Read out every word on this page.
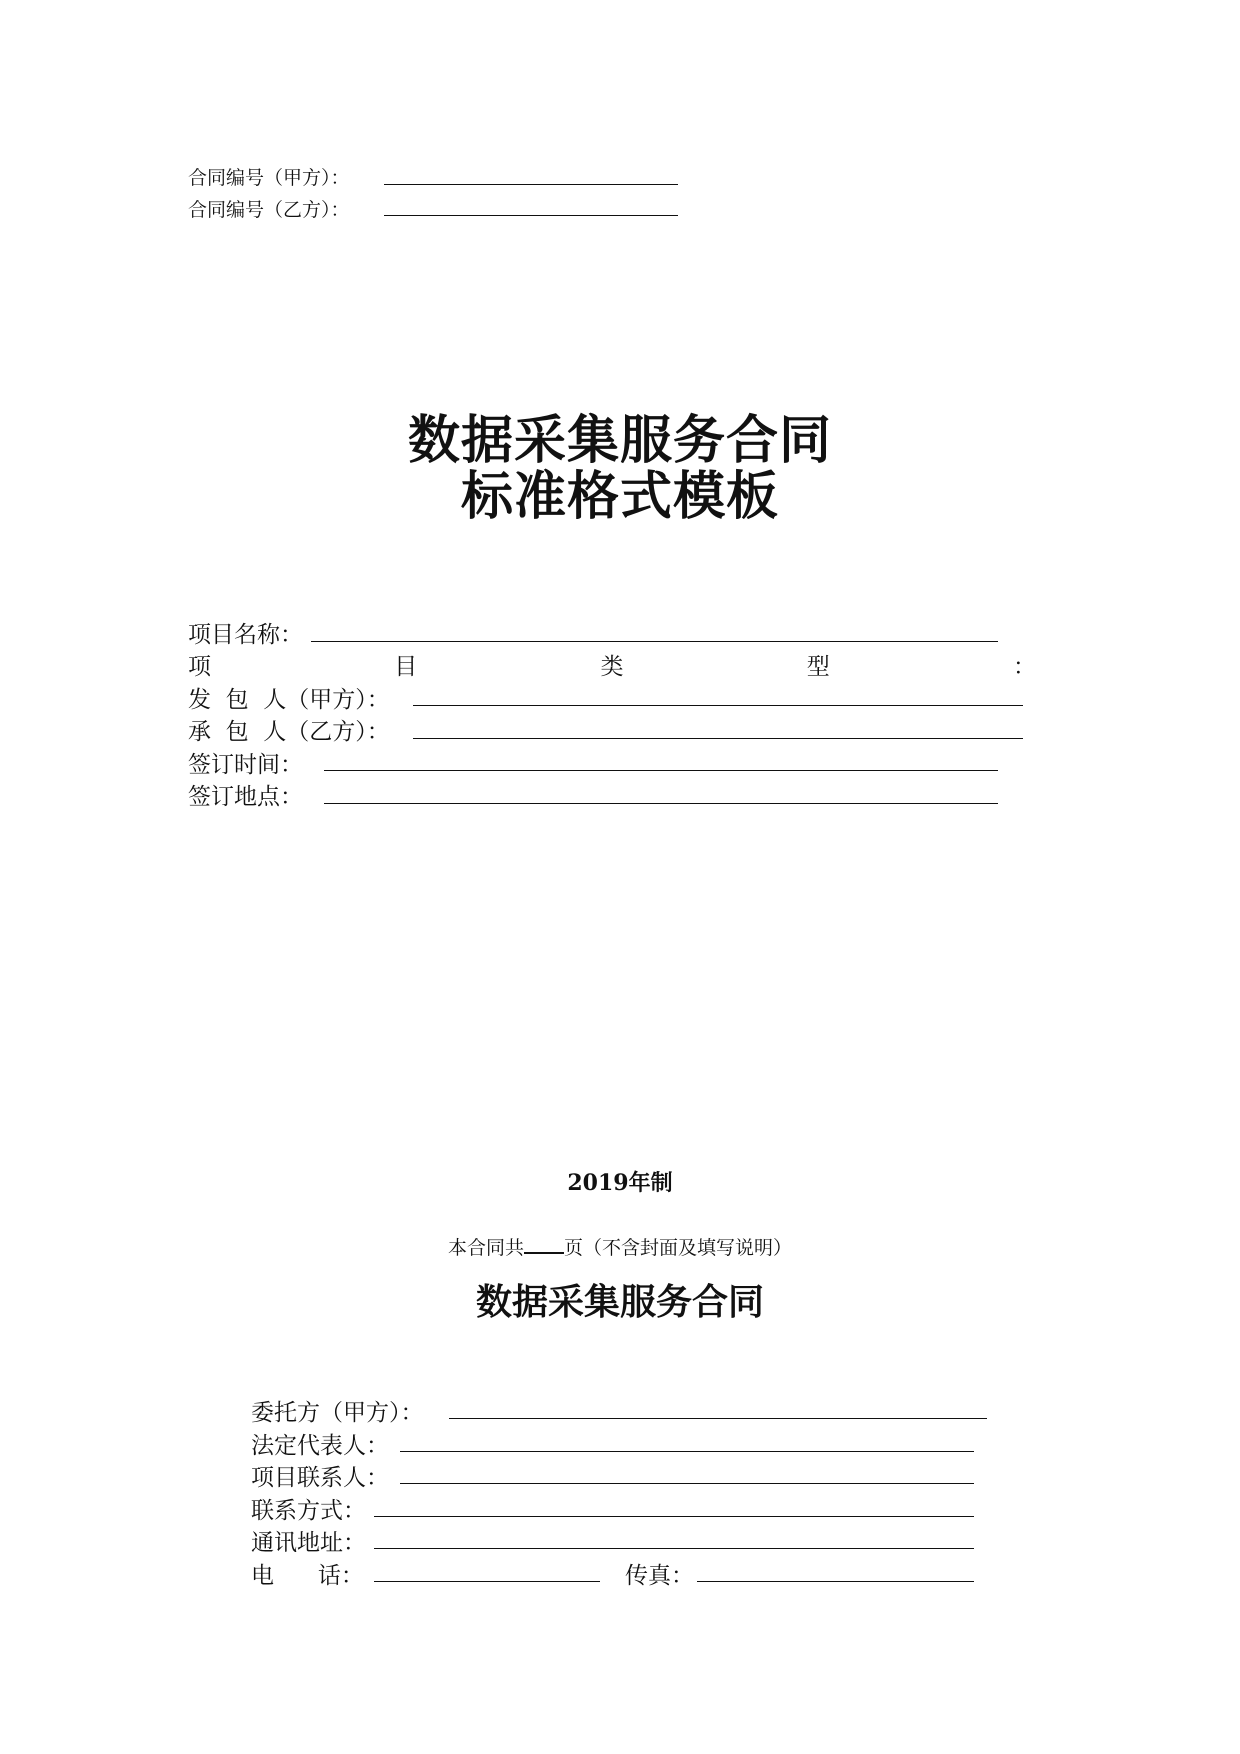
合同编号（甲方）：
合同编号（乙方）：
数据采集服务合同
标准格式模板
项目名称：
项	目	类	型	：
发  包  人（甲方）：
承  包  人（乙方）：
签订时间：
签订地点：
2019年制
本合同共 页（不含封面及填写说明）
数据采集服务合同
委托方（甲方）：
法定代表人：
项目联系人：
联系方式：
通讯地址：
电      话：	传真：
